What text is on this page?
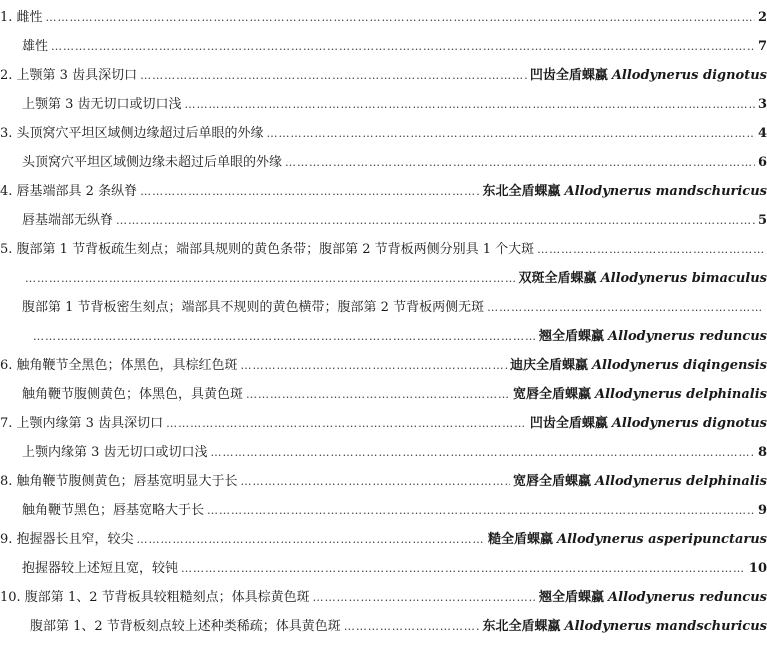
1. 雌性 ………………………………………………………………………………………………………………………………………………………………………………………………………………	2
雄性 ………………………………………………………………………………………………………………………………………………………………………………………………………………	7
2. 上颚第 3 齿具深切口 ………………………………………………………………………………………………………………………………………………………………………………………………………………	凹齿全盾蜾蠃 Allodynerus dignotus
上颚第 3 齿无切口或切口浅 ………………………………………………………………………………………………………………………………………………………………………………………………………………	3
3. 头顶窝穴平坦区域侧边缘超过后单眼的外缘 ………………………………………………………………………………………………………………………………………………………………………………………………………………	4
头顶窝穴平坦区域侧边缘未超过后单眼的外缘 ………………………………………………………………………………………………………………………………………………………………………………………………………………	6
4. 唇基端部具 2 条纵脊 ………………………………………………………………………………………………………………………………………………………………………………………………………………	东北全盾蜾蠃 Allodynerus mandschuricus
唇基端部无纵脊 ………………………………………………………………………………………………………………………………………………………………………………………………………………	5
5. 腹部第 1 节背板疏生刻点；端部具规则的黄色条带；腹部第 2 节背板两侧分别具 1 个大斑
………………………………………………………………………………………………………………………………………………………………………………………………………………
………………………………………………………………………………………………………………………………………………………………………………………………………………
双斑全盾蜾蠃 Allodynerus bimaculus
腹部第 1 节背板密生刻点；端部具不规则的黄色横带；腹部第 2 节背板两侧无斑
………………………………………………………………………………………………………………………………………………………………………………………………………………
………………………………………………………………………………………………………………………………………………………………………………………………………………
翘全盾蜾蠃 Allodynerus reduncus
6. 触角鞭节全黑色；体黑色，具棕红色斑 ………………………………………………………………………………………………………………………………………………………………………………………………………………	迪庆全盾蜾蠃 Allodynerus diqingensis
触角鞭节腹侧黄色；体黑色，具黄色斑 ………………………………………………………………………………………………………………………………………………………………………………………………………………	宽唇全盾蜾蠃 Allodynerus delphinalis
7. 上颚内缘第 3 齿具深切口 ………………………………………………………………………………………………………………………………………………………………………………………………………………	凹齿全盾蜾蠃 Allodynerus dignotus
上颚内缘第 3 齿无切口或切口浅 ………………………………………………………………………………………………………………………………………………………………………………………………………………	8
8. 触角鞭节腹侧黄色；唇基宽明显大于长 ………………………………………………………………………………………………………………………………………………………………………………………………………………	宽唇全盾蜾蠃 Allodynerus delphinalis
触角鞭节黑色；唇基宽略大于长 ………………………………………………………………………………………………………………………………………………………………………………………………………………	9
9. 抱握器长且窄，较尖 ………………………………………………………………………………………………………………………………………………………………………………………………………………	糙全盾蜾蠃 Allodynerus asperipunctarus
抱握器较上述短且宽，较钝 ………………………………………………………………………………………………………………………………………………………………………………………………………………	10
10. 腹部第 1、2 节背板具较粗糙刻点；体具棕黄色斑 ………………………………………………………………………………………………………………………………………………………………………………………………………………	翘全盾蜾蠃 Allodynerus reduncus
腹部第 1、2 节背板刻点较上述种类稀疏；体具黄色斑 ………………………………………………………………………………………………………………………………………………………………………………………………………………	东北全盾蜾蠃 Allodynerus mandschuricus
